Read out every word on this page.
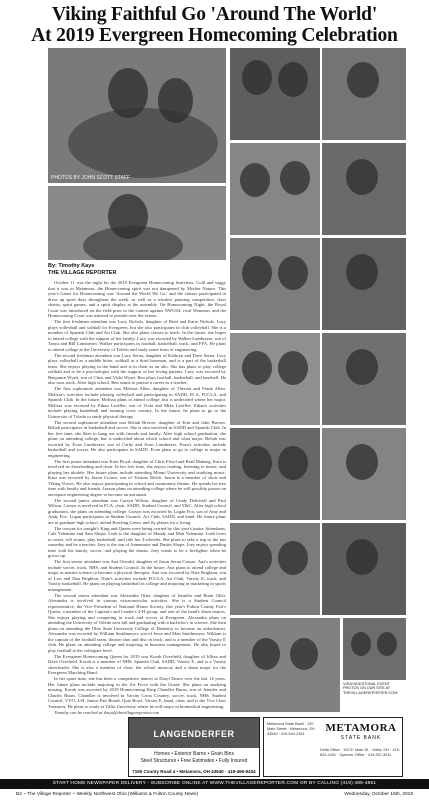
Viking Faithful Go 'Around The World'
At 2019 Evergreen Homecoming Celebration
PHOTOS BY JOHN SCOTT STAFF
VIEW ADDITIONAL EVENT PHOTOS ON OUR SITE AT THEVILLAGEREPORTER.COM
By: Timothy Kays
THE VILLAGE REPORTER

October 11 was the night for the 2019 Evergreen Homecoming festivities. Cold and soggy that it was in Metamora, the Homecoming spirit was not dampened by Mother Nature. This year's Game for Homecoming was 'Around the World We Go,' and the classes participated in dress up spirit days throughout the week, as well as a window painting competition, class chants, spirit games, and a spirit display at the assembly. On Homecoming Night, the Royal Court was introduced on the field prior to the contest against NWOAL rival Wauseon, and the Homecoming Court was ushered to preside over the events.

The first freshman attendant was Lucy Nichols, daughter of Brett and Katie Nichols. Lucy plays volleyball and softball for Evergreen, but she also participates in club volleyball. She is a member of Spanish Club and Art Club. She also plans classes to teach. In the future, she hopes to attend college with the support of her family. Lucy was escorted by Walker Lumbrezer, son of Tanya and Bill Lumbrezer. Walker participates in football, basketball, track, and FFA. He plans to attend college at the University of Toledo and study some form of engineering.

The second freshman attendant was Lucy Serna, daughter of Kathryn and Dave Serna. Lucy plays volleyball as a middle hitter, softball as a third baseman, and is a part of the basketball team. She enjoys playing in the band and is in choir as an alto. She has plans to play college softball and to be a psychologist with the support of her loving parents. Lucy was escorted by Benjamin Wyatt, son of Chris and Vicki Wyatt. Ben plays football, basketball, and baseball. He also runs track. After high school, Ben wants to pursue a career as a teacher.

The first sophomore attendant was Melissa Allen, daughter of Theresa and Frank Allen. Melissa's activities include playing volleyball and participating in SADD, FCA, FCCLA, and Spanish Club. In the future, Melissa plans to attend college, but is undecided where her major. Melissa was escorted by Ethan Leoffler, son of Vicki and Mike Leoffler. Ethan's activities include playing basketball and running cross country. In the future, he plans to go to the University of Toledo to study physical therapy.

The second sophomore attendant was Beliah Brewer, daughter of Erin and John Brewer. Beliah participates in basketball and soccer. She is also involved in SADD and Spanish Club. In her free time, she likes to hang out with friends and family. After high school graduation, she plans on attending college, but is undecided about which school and what major. Beliah was escorted by Evan Lumbrezer, son of Cathy and Scott Lumbrezer. Evan's activities include basketball and soccer. He also participates in SADD. Evan plans to go to college to major in engineering.

The first junior attendant was Kara Floyd, daughter of Chris Floyd and Brad Mahaeg. Kara is involved in cheerleading and choir. In her free time, she enjoys reading, listening to music, and playing her ukulele. Her future plans include attending Miami University and studying music. Kara was escorted by Jaxon Crouse, son of Tristina Welch. Jaxon is a member of choir and Viking Voices. He also enjoys participating in school and community theater. He spends his free time with family and friends. Jaxson plans on attending college where he will possibly pursue an aerospace engineering degree to become an astronaut.

The second junior attendant was Carsyn Wilson, daughter of Cindy Deltcheff and Paul Wilson. Carsyn is involved in FCA, choir, SADD, Student Council, and Y&C. After high school graduation, she plans on attending college. Carsyn was escorted by Logan Fox, son of Amy and Andy Fox. Logan participates in Student Council, Art Club, SADD, and band. He future plans are to graduate high school, attend Bowling Green, and fly planes for a living.

The crowns for tonight's King and Queen were being carried by this year's junior Attendants, Cale Valentine and Sam Shope. Leah is the daughter of Mandy and Matt Valentine. Leah loves to swim, roll stones, play basketball, and ride her 4-wheeler. She plans to take a trip to the fair someday and be a teacher. Joey is the son of Annemarie and Dustin Shope. Joey enjoys spending time with his family, soccer, and playing the drums. Joey wants to be a firefighter when he grows up.

The first senior attendant was Ana Oswald, daughter of Jason Serna Crouse. Ana's activities include soccer, track, NHS, and Student Council. In the future, Ana plans to attend college and major in marine science to become a physical therapist. Ana was escorted by Nate Brighton, son of Lori and Dan Brighton. Nate's activities include FCCLA, Art Club, Varsity E, track, and Varsity basketball. He plans on playing basketball in college and majoring in marketing in sports management.

The second senior attendant was Alexandra Oiler, daughter of Jennifer and Brent Oiler. Alexandra is involved in various extracurricular activities. She is a Student Council representative, the Vice President of National Honor Society, this year's Fulton County Fair's Queen, a member of the Captain's and Leader's 4-H group, and one of the band's drum majors. She enjoys playing and competing in track and soccer at Evergreen. Alexandra plans on attending the University of Toledo next fall and graduating with a bachelor's in science. She then plans on attending the Ohio State University College of Dentistry to become an orthodontist. Alexandra was escorted by William Smithmeyer, son of Jesse and Matt Smithmeyer. William is the captain of the football team, thrown shot and disc in track, and is a member of the Varsity E club. He plans on attending college and majoring in business management. He also hopes to play football at the collegiate level.

The Evergreen Homecoming Queen for 2019 was Korah Overfield, daughter of Jillian and Dave Overfield. Korah is a member of NHS, Spanish Club, SADD, Varsity E, and is a Varsity cheerleader. She is also a member of choir, the school musical, and a drum major for the Evergreen Marching Band.

In her spare time, she has been a competitive dancer at Daryl Dance over the last 14 years. Her future plans include majoring in the Air Force with the Guard. She plans on studying nursing. Korah was escorted by 2019 Homecoming King Chandler Burns, son of Jennifer and Charles Burns. Chandler is involved in Varsity Cross Country, soccer, track, NHS, Student Council, VYO, 4-H, Junior Fair Board, Quiz Bowl, Varsity E, band, choir, and is the Vice Class Treasurer. He plans to study at Tiffin University where he will major in biomedical engineering.

Timothy can be reached at tkays@thevillagereporter.com

LANGENDERFER
Homes • Exterior Barns • Grain Bins
Steel Structures • Free Estimates • Fully Insured
7150 County Road 4 • Metamora, OH 43540 · 419-466-6434
Metamora State Bank · 120 Main Street · Metamora, OH 43540 · 419-644-2351	METAMORA
STATE BANK
Delta Office · 100 E. Main St. · Delta, OH · 419-822-4431 · Spencer Office · 419-337-3031
START HOME NEWSPAPER DELIVERY - SUBSCRIBE ONLINE AT WWW.THEVILLAGEREPORTER.COM OR BY CALLING (419) 485-4851
B2 ~ The Village Reporter ~ Weekly Northwest Ohio (Williams & Fulton County News)	Wednesday, October 16th, 2019
